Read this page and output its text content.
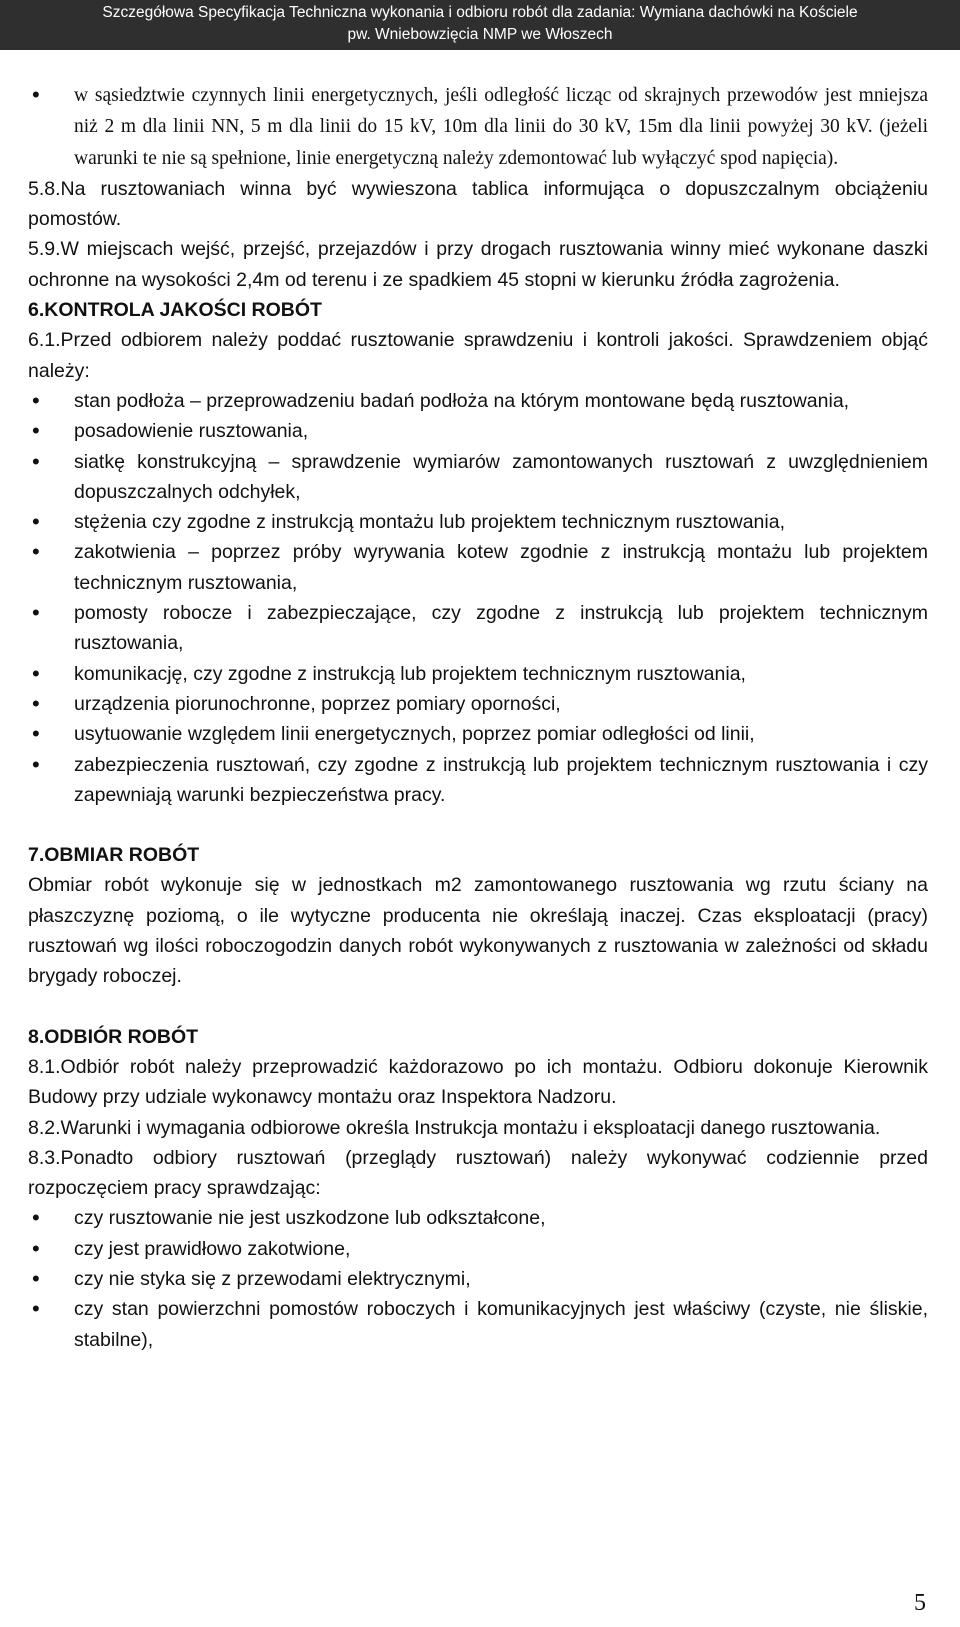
Szczegółowa Specyfikacja Techniczna wykonania i odbioru robót dla zadania: Wymiana dachówki na Kościele
pw. Wniebowzięcia NMP we Włoszech
• w sąsiedztwie czynnych linii energetycznych, jeśli odległość licząc od skrajnych przewodów jest mniejsza niż 2 m dla linii NN, 5 m dla linii do 15 kV, 10m dla linii do 30 kV, 15m dla linii powyżej 30 kV. (jeżeli warunki te nie są spełnione, linie energetyczną należy zdemontować lub wyłączyć spod napięcia).

5.8.Na rusztowaniach winna być wywieszona tablica informująca o dopuszczalnym obciążeniu pomostów.

5.9.W miejscach wejść, przejść, przejazdów i przy drogach rusztowania winny mieć wykonane daszki ochronne na wysokości 2,4m od terenu i ze spadkiem 45 stopni w kierunku źródła zagrożenia.

6.KONTROLA JAKOŚCI ROBÓT

6.1.Przed odbiorem należy poddać rusztowanie sprawdzeniu i kontroli jakości. Sprawdzeniem objąć należy:

• stan podłoża – przeprowadzeniu badań podłoża na którym montowane będą rusztowania,
• posadowienie rusztowania,
• siatkę konstrukcyjną – sprawdzenie wymiarów zamontowanych rusztowań z uwzględnieniem dopuszczalnych odchyłek,
• stężenia czy zgodne z instrukcją montażu lub projektem technicznym rusztowania,
• zakotwienia – poprzez próby wyrywania kotew zgodnie z instrukcją montażu lub projektem technicznym rusztowania,
• pomosty robocze i zabezpieczające, czy zgodne z instrukcją lub projektem technicznym rusztowania,
• komunikację, czy zgodne z instrukcją lub projektem technicznym rusztowania,
• urządzenia piorunochronne, poprzez pomiary oporności,
• usytuowanie względem linii energetycznych, poprzez pomiar odległości od linii,
• zabezpieczenia rusztowań, czy zgodne z instrukcją lub projektem technicznym rusztowania i czy zapewniają warunki bezpieczeństwa pracy.

7.OBMIAR ROBÓT

Obmiar robót wykonuje się w jednostkach m2 zamontowanego rusztowania wg rzutu ściany na płaszczyznę poziomą, o ile wytyczne producenta nie określają inaczej. Czas eksploatacji (pracy) rusztowań wg ilości roboczogodzin danych robót wykonywanych z rusztowania w zależności od składu brygady roboczej.

8.ODBIÓR ROBÓT

8.1.Odbiór robót należy przeprowadzić każdorazowo po ich montażu. Odbioru dokonuje Kierownik Budowy przy udziale wykonawcy montażu oraz Inspektora Nadzoru.

8.2.Warunki i wymagania odbiorowe określa Instrukcja montażu i eksploatacji danego rusztowania.

8.3.Ponadto odbiory rusztowań (przeglądy rusztowań) należy wykonywać codziennie przed rozpoczęciem pracy sprawdzając:

• czy rusztowanie nie jest uszkodzone lub odkształcone,
• czy jest prawidłowo zakotwione,
• czy nie styka się z przewodami elektrycznymi,
• czy stan powierzchni pomostów roboczych i komunikacyjnych jest właściwy (czyste, nie śliskie, stabilne),
5
